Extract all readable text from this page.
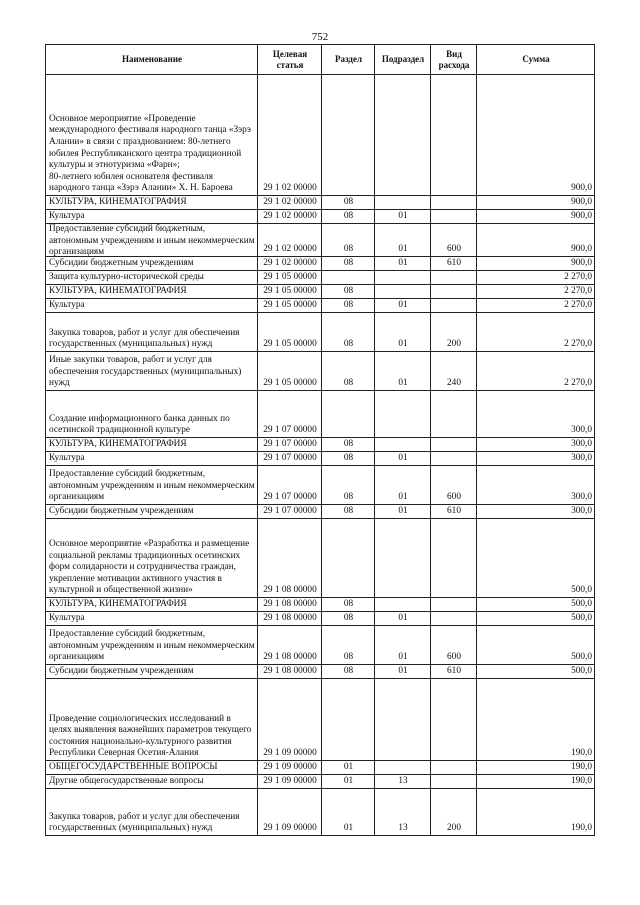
752
Наименование	Целевая статья	Раздел	Подраздел	Вид расхода	Сумма

Основное мероприятие «Проведение международного фестиваля народного танца «Зэрэ Алании» в связи с празднованием: 80-летнего юбилея Республиканского центра традиционной культуры и этнотуризма «Фарн»;
80-летнего юбилея основателя фестиваля народного танца «Зэрэ Алании» Х. Н. Бароева	29 1 02 00000				900,0

КУЛЬТУРА, КИНЕМАТОГРАФИЯ	29 1 02 00000	08			900,0

Культура	29 1 02 00000	08	01		900,0

Предоставление субсидий бюджетным, автономным учреждениям и иным некоммерческим организациям	29 1 02 00000	08	01	600	900,0

Субсидии бюджетным учреждениям	29 1 02 00000	08	01	610	900,0

Защита культурно-исторической среды	29 1 05 00000				2 270,0

КУЛЬТУРА, КИНЕМАТОГРАФИЯ	29 1 05 00000	08			2 270,0

Культура	29 1 05 00000	08	01		2 270,0

Закупка товаров, работ и услуг для обеспечения государственных (муниципальных) нужд	29 1 05 00000	08	01	200	2 270,0

Иные закупки товаров, работ и услуг для обеспечения государственных (муниципальных) нужд	29 1 05 00000	08	01	240	2 270,0

Создание информационного банка данных по осетинской традиционной культуре	29 1 07 00000				300,0

КУЛЬТУРА, КИНЕМАТОГРАФИЯ	29 1 07 00000	08			300,0

Культура	29 1 07 00000	08	01		300,0

Предоставление субсидий бюджетным, автономным учреждениям и иным некоммерческим организациям	29 1 07 00000	08	01	600	300,0

Субсидии бюджетным учреждениям	29 1 07 00000	08	01	610	300,0

Основное мероприятие «Разработка и размещение социальной рекламы традиционных осетинских форм солидарности и сотрудничества граждан, укрепление мотивации активного участия в культурной и общественной жизни»	29 1 08 00000				500,0

КУЛЬТУРА, КИНЕМАТОГРАФИЯ	29 1 08 00000	08			500,0

Культура	29 1 08 00000	08	01		500,0

Предоставление субсидий бюджетным, автономным учреждениям и иным некоммерческим организациям	29 1 08 00000	08	01	600	500,0

Субсидии бюджетным учреждениям	29 1 08 00000	08	01	610	500,0

Проведение социологических исследований в целях выявления важнейших параметров текущего состояния национально-культурного развития Республики Северная Осетия-Алания	29 1 09 00000				190,0

ОБЩЕГОСУДАРСТВЕННЫЕ ВОПРОСЫ	29 1 09 00000	01			190,0

Другие общегосударственные вопросы	29 1 09 00000	01	13		190,0

Закупка товаров, работ и услуг для обеспечения государственных (муниципальных) нужд	29 1 09 00000	01	13	200	190,0
